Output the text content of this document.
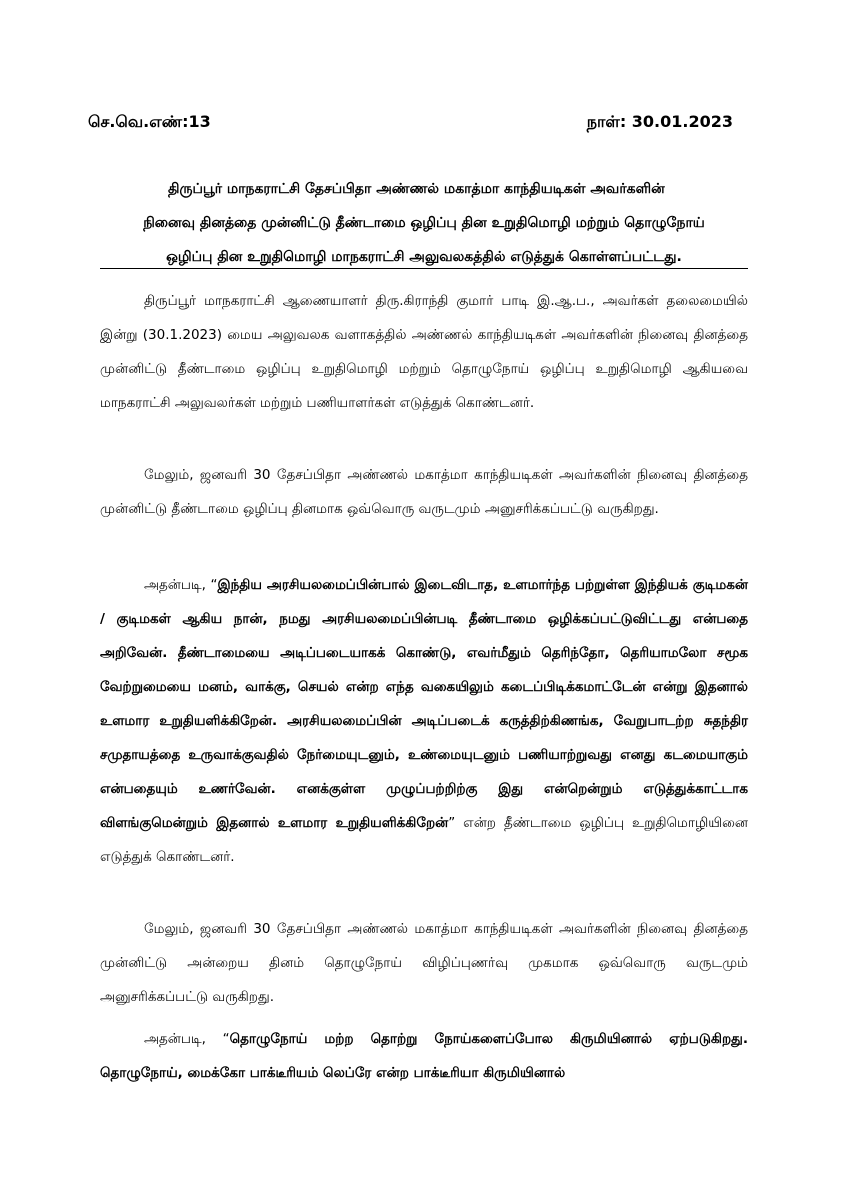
செ.வெ.எண்:13	நாள்: 30.01.2023
திருப்பூர் மாநகராட்சி தேசப்பிதா அண்ணல் மகாத்மா காந்தியடிகள் அவர்களின்
நினைவு தினத்தை முன்னிட்டு தீண்டாமை ஒழிப்பு தின உறுதிமொழி மற்றும் தொழுநோய்
ஒழிப்பு தின உறுதிமொழி மாநகராட்சி அலுவலகத்தில் எடுத்துக் கொள்ளப்பட்டது.

திருப்பூர் மாநகராட்சி ஆணையாளர் திரு.கிராந்தி குமார் பாடி இ.ஆ.ப., அவர்கள் தலைமையில் இன்று (30.1.2023) மைய அலுவலக வளாகத்தில் அண்ணல் காந்தியடிகள் அவர்களின் நினைவு தினத்தை முன்னிட்டு தீண்டாமை ஒழிப்பு உறுதிமொழி மற்றும் தொழுநோய் ஒழிப்பு உறுதிமொழி ஆகியவை மாநகராட்சி அலுவலர்கள் மற்றும் பணியாளர்கள் எடுத்துக் கொண்டனர்.

மேலும், ஜனவரி 30 தேசப்பிதா அண்ணல் மகாத்மா காந்தியடிகள் அவர்களின் நினைவு தினத்தை முன்னிட்டு தீண்டாமை ஒழிப்பு தினமாக ஒவ்வொரு வருடமும் அனுசரிக்கப்பட்டு வருகிறது.

அதன்படி, “இந்திய அரசியலமைப்பின்பால் இடைவிடாத, உளமார்ந்த பற்றுள்ள இந்தியக் குடிமகன் / குடிமகள் ஆகிய நான், நமது அரசியலமைப்பின்படி தீண்டாமை ஒழிக்கப்பட்டுவிட்டது என்பதை அறிவேன். தீண்டாமையை அடிப்படையாகக் கொண்டு, எவர்மீதும் தெரிந்தோ, தெரியாமலோ சமூக வேற்றுமையை மனம், வாக்கு, செயல் என்ற எந்த வகையிலும் கடைப்பிடிக்கமாட்டேன் என்று இதனால் உளமார உறுதியளிக்கிறேன். அரசியலமைப்பின் அடிப்படைக் கருத்திற்கிணங்க, வேறுபாடற்ற சுதந்திர சமுதாயத்தை உருவாக்குவதில் நேர்மையுடனும், உண்மையுடனும் பணியாற்றுவது எனது கடமையாகும் என்பதையும் உணர்வேன். எனக்குள்ள முழுப்பற்றிற்கு இது என்றென்றும் எடுத்துக்காட்டாக விளங்குமென்றும் இதனால் உளமார உறுதியளிக்கிறேன்” என்ற தீண்டாமை ஒழிப்பு உறுதிமொழியினை எடுத்துக் கொண்டனர்.

மேலும், ஜனவரி 30 தேசப்பிதா அண்ணல் மகாத்மா காந்தியடிகள் அவர்களின் நினைவு தினத்தை முன்னிட்டு அன்றைய தினம் தொழுநோய் விழிப்புணர்வு முகமாக ஒவ்வொரு வருடமும் அனுசரிக்கப்பட்டு வருகிறது.

அதன்படி, “தொழுநோய் மற்ற தொற்று நோய்களைப்போல கிருமியினால் ஏற்படுகிறது. தொழுநோய், மைக்கோ பாக்டீரியம் லெப்ரே என்ற பாக்டீரியா கிருமியினால்
